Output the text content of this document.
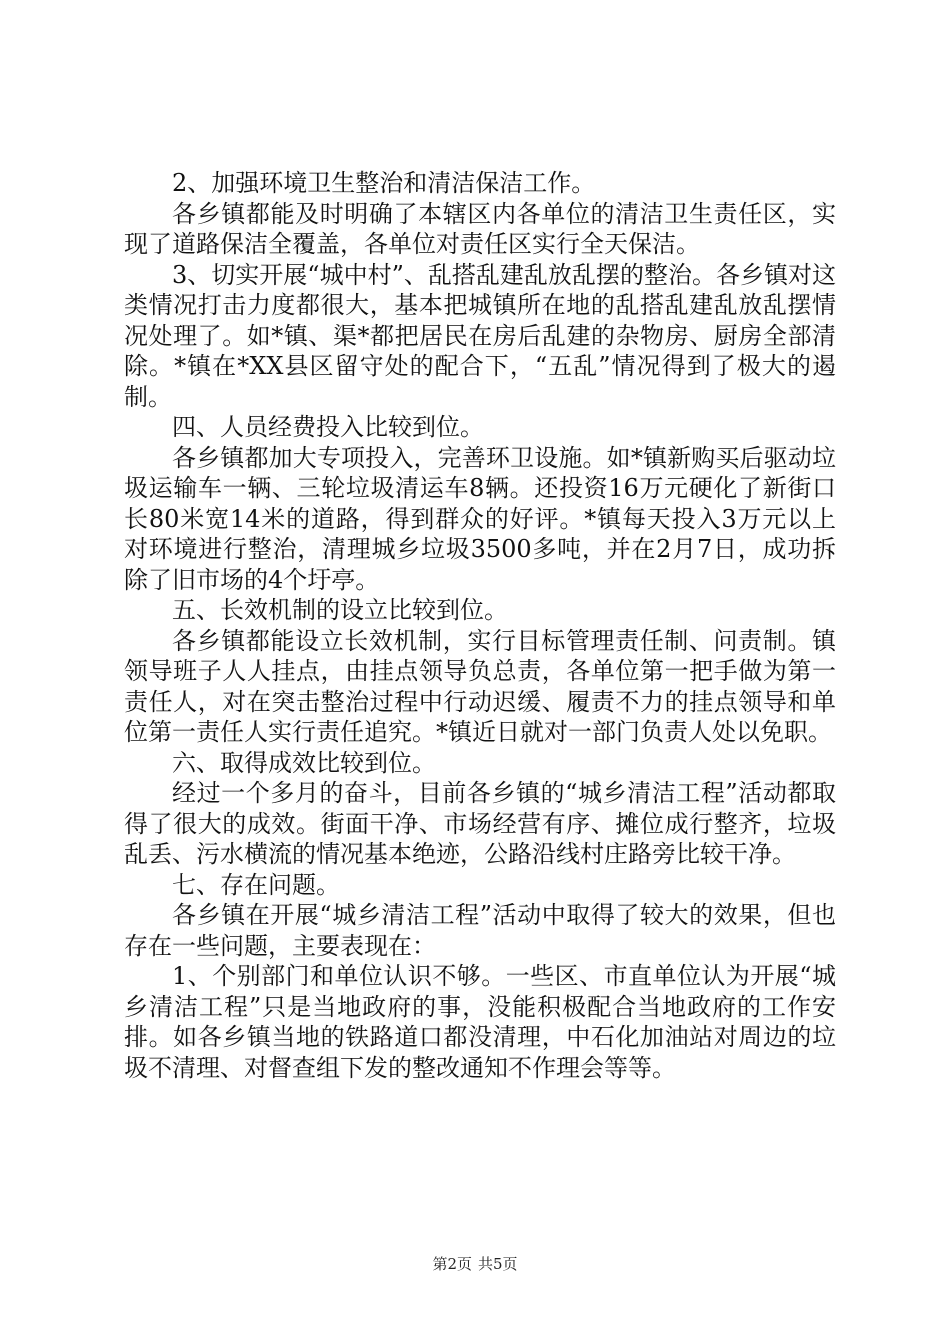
2、加强环境卫生整治和清洁保洁工作。

各乡镇都能及时明确了本辖区内各单位的清洁卫生责任区，实现了道路保洁全覆盖，各单位对责任区实行全天保洁。

3、切实开展“城中村”、乱搭乱建乱放乱摆的整治。各乡镇对这类情况打击力度都很大，基本把城镇所在地的乱搭乱建乱放乱摆情况处理了。如*镇、渠*都把居民在房后乱建的杂物房、厨房全部清除。*镇在*XX县区留守处的配合下，“五乱”情况得到了极大的遏制。

四、人员经费投入比较到位。

各乡镇都加大专项投入，完善环卫设施。如*镇新购买后驱动垃圾运输车一辆、三轮垃圾清运车8辆。还投资16万元硬化了新街口长80米宽14米的道路，得到群众的好评。*镇每天投入3万元以上对环境进行整治，清理城乡垃圾3500多吨，并在2月7日，成功拆除了旧市场的4个圩亭。

五、长效机制的设立比较到位。

各乡镇都能设立长效机制，实行目标管理责任制、问责制。镇领导班子人人挂点，由挂点领导负总责，各单位第一把手做为第一责任人，对在突击整治过程中行动迟缓、履责不力的挂点领导和单位第一责任人实行责任追究。*镇近日就对一部门负责人处以免职。

六、取得成效比较到位。

经过一个多月的奋斗，目前各乡镇的“城乡清洁工程”活动都取得了很大的成效。街面干净、市场经营有序、摊位成行整齐，垃圾乱丢、污水横流的情况基本绝迹，公路沿线村庄路旁比较干净。

七、存在问题。

各乡镇在开展“城乡清洁工程”活动中取得了较大的效果，但也存在一些问题，主要表现在：

1、个别部门和单位认识不够。一些区、市直单位认为开展“城乡清洁工程”只是当地政府的事，没能积极配合当地政府的工作安排。如各乡镇当地的铁路道口都没清理，中石化加油站对周边的垃圾不清理、对督查组下发的整改通知不作理会等等。

第2页 共5页
